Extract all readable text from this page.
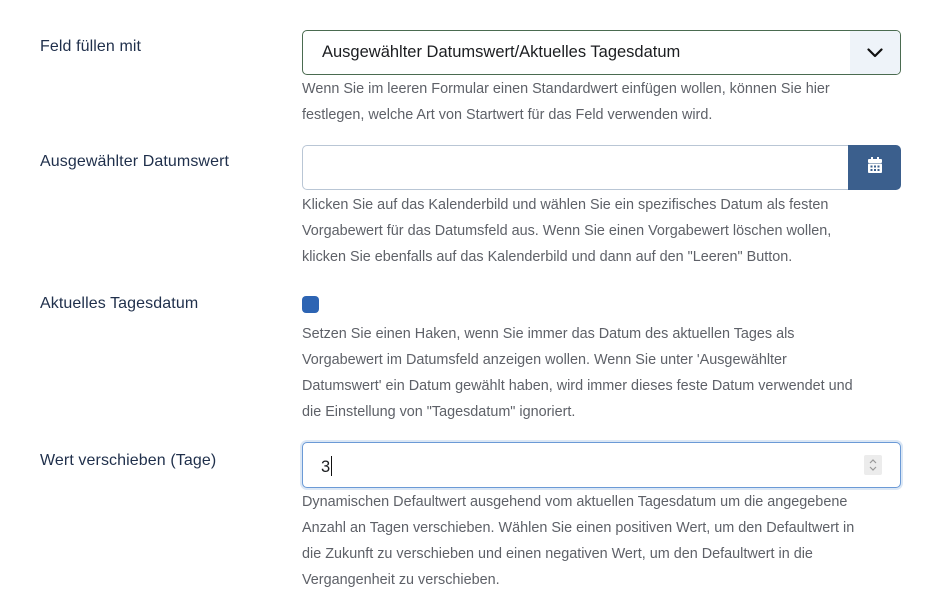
Feld füllen mit	Ausgewählter Datumswert/Aktuelles Tagesdatum
Wenn Sie im leeren Formular einen Standardwert einfügen wollen, können Sie hier
festlegen, welche Art von Startwert für das Feld verwenden wird.
Ausgewählter Datumswert
Klicken Sie auf das Kalenderbild und wählen Sie ein spezifisches Datum als festen
Vorgabewert für das Datumsfeld aus. Wenn Sie einen Vorgabewert löschen wollen,
klicken Sie ebenfalls auf das Kalenderbild und dann auf den "Leeren" Button.
Aktuelles Tagesdatum
Setzen Sie einen Haken, wenn Sie immer das Datum des aktuellen Tages als
Vorgabewert im Datumsfeld anzeigen wollen. Wenn Sie unter 'Ausgewählter
Datumswert' ein Datum gewählt haben, wird immer dieses feste Datum verwendet und
die Einstellung von "Tagesdatum" ignoriert.
Wert verschieben (Tage)	3
Dynamischen Defaultwert ausgehend vom aktuellen Tagesdatum um die angegebene
Anzahl an Tagen verschieben. Wählen Sie einen positiven Wert, um den Defaultwert in
die Zukunft zu verschieben und einen negativen Wert, um den Defaultwert in die
Vergangenheit zu verschieben.
